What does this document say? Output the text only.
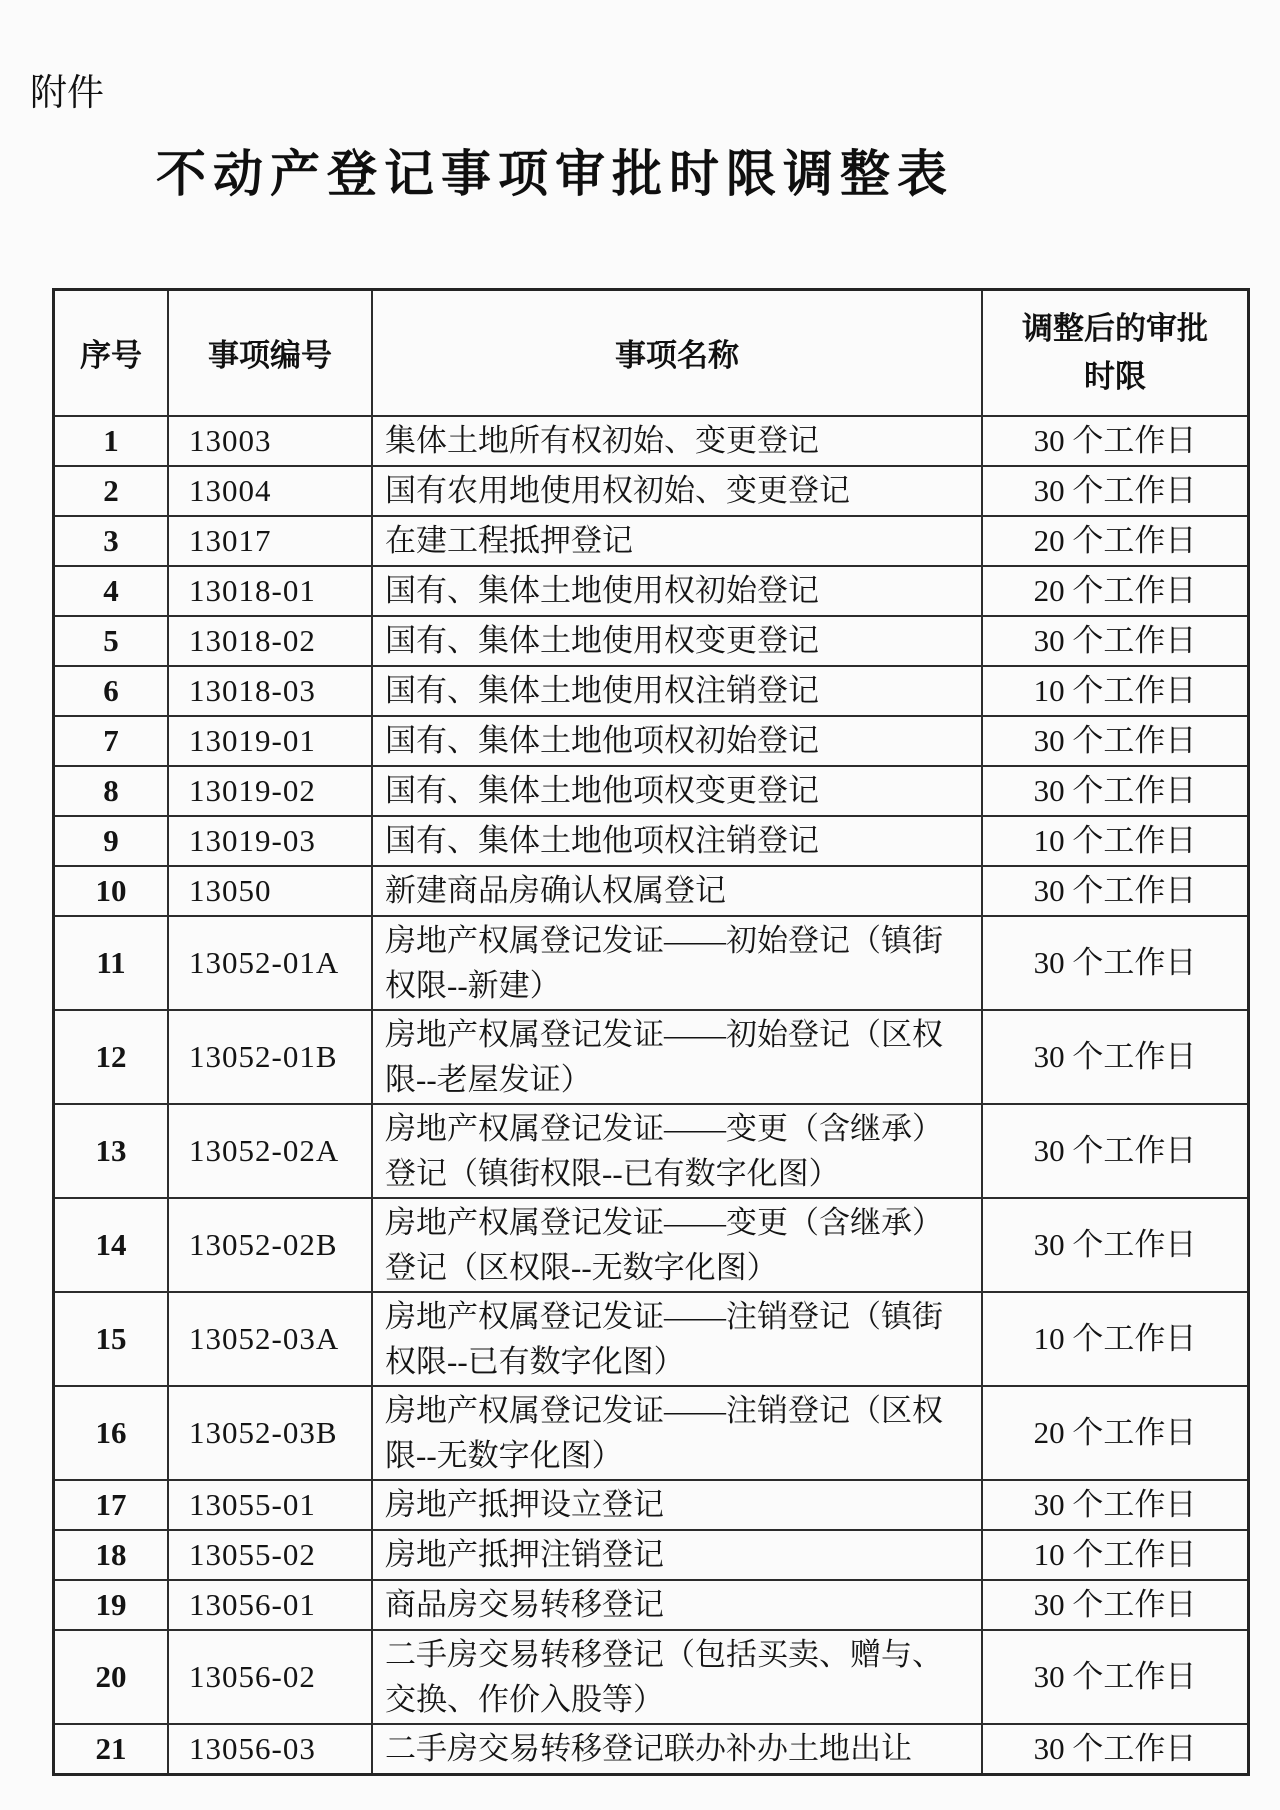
附件
不动产登记事项审批时限调整表
序号	事项编号	事项名称	调整后的审批时限
1	13003	集体土地所有权初始、变更登记	30 个工作日
2	13004	国有农用地使用权初始、变更登记	30 个工作日
3	13017	在建工程抵押登记	20 个工作日
4	13018-01	国有、集体土地使用权初始登记	20 个工作日
5	13018-02	国有、集体土地使用权变更登记	30 个工作日
6	13018-03	国有、集体土地使用权注销登记	10 个工作日
7	13019-01	国有、集体土地他项权初始登记	30 个工作日
8	13019-02	国有、集体土地他项权变更登记	30 个工作日
9	13019-03	国有、集体土地他项权注销登记	10 个工作日
10	13050	新建商品房确认权属登记	30 个工作日
11	13052-01A	房地产权属登记发证——初始登记（镇街权限--新建）	30 个工作日
12	13052-01B	房地产权属登记发证——初始登记（区权限--老屋发证）	30 个工作日
13	13052-02A	房地产权属登记发证——变更（含继承）登记（镇街权限--已有数字化图）	30 个工作日
14	13052-02B	房地产权属登记发证——变更（含继承）登记（区权限--无数字化图）	30 个工作日
15	13052-03A	房地产权属登记发证——注销登记（镇街权限--已有数字化图）	10 个工作日
16	13052-03B	房地产权属登记发证——注销登记（区权限--无数字化图）	20 个工作日
17	13055-01	房地产抵押设立登记	30 个工作日
18	13055-02	房地产抵押注销登记	10 个工作日
19	13056-01	商品房交易转移登记	30 个工作日
20	13056-02	二手房交易转移登记（包括买卖、赠与、交换、作价入股等）	30 个工作日
21	13056-03	二手房交易转移登记联办补办土地出让	30 个工作日
